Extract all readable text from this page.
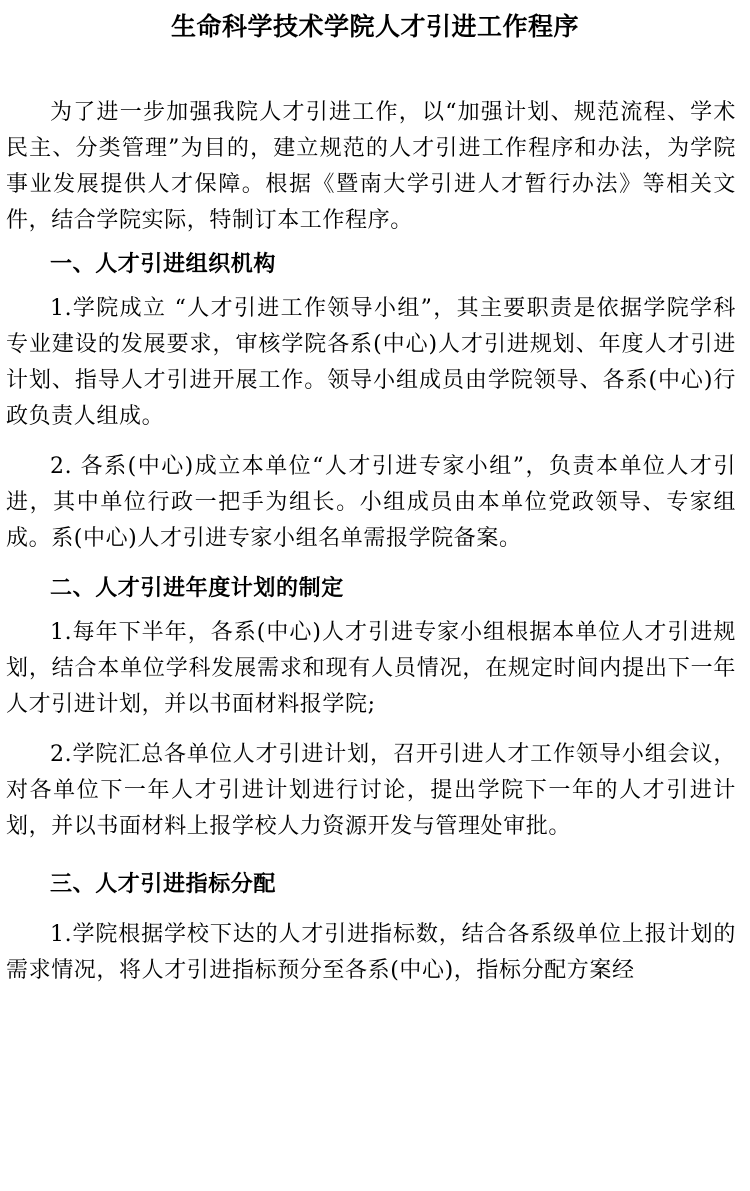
生命科学技术学院人才引进工作程序

为了进一步加强我院人才引进工作，以“加强计划、规范流程、学术民主、分类管理”为目的，建立规范的人才引进工作程序和办法，为学院事业发展提供人才保障。根据《暨南大学引进人才暂行办法》等相关文件，结合学院实际，特制订本工作程序。

一、人才引进组织机构

1.学院成立 “人才引进工作领导小组”，其主要职责是依据学院学科专业建设的发展要求，审核学院各系(中心)人才引进规划、年度人才引进计划、指导人才引进开展工作。领导小组成员由学院领导、各系(中心)行政负责人组成。

2. 各系(中心)成立本单位“人才引进专家小组”，负责本单位人才引进，其中单位行政一把手为组长。小组成员由本单位党政领导、专家组成。系(中心)人才引进专家小组名单需报学院备案。

二、人才引进年度计划的制定

1.每年下半年，各系(中心)人才引进专家小组根据本单位人才引进规划，结合本单位学科发展需求和现有人员情况，在规定时间内提出下一年人才引进计划，并以书面材料报学院;

2.学院汇总各单位人才引进计划，召开引进人才工作领导小组会议，对各单位下一年人才引进计划进行讨论，提出学院下一年的人才引进计划，并以书面材料上报学校人力资源开发与管理处审批。

三、人才引进指标分配

1.学院根据学校下达的人才引进指标数，结合各系级单位上报计划的需求情况，将人才引进指标预分至各系(中心)，指标分配方案经
